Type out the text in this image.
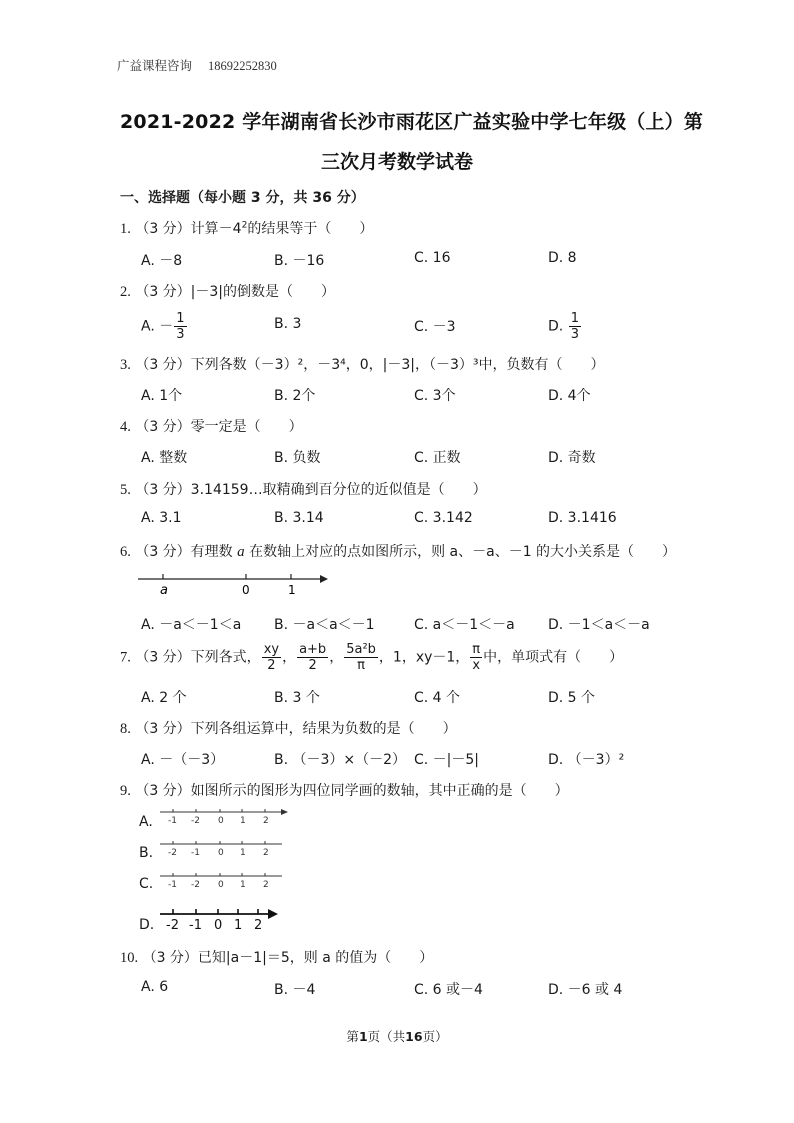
广益课程咨询 18692252830
2021-2022 学年湖南省长沙市雨花区广益实验中学七年级（上）第
三次月考数学试卷
一、选择题（每小题 3 分，共 36 分）
1. （3 分）计算$-4^2$的结果等于（　　）
A. －8	B. －16	C. 16	D. 8
2. （3 分）|－3|的倒数是（　　）
A. － $\frac{1}{3}$	B. 3	C. －3	D. $\frac{1}{3}$
3. （3 分）下列各数（－3）²，－3⁴，0，|－3|，（－3）³中，负数有（　　）
A. 1个	B. 2个	C. 3个	D. 4个
4. （3 分）零一定是（　　）
A. 整数	B. 负数	C. 正数	D. 奇数
5. （3 分）3.14159…取精确到百分位的近似值是（　　）
A. 3.1	B. 3.14	C. 3.142	D. 3.1416
6. （3 分）有理数 a 在数轴上对应的点如图所示，则 a、－a、－1 的大小关系是（　　）
a	0	1
A. －a＜－1＜a B. －a＜a＜－1	C. a＜－1＜－a D. －1＜a＜－a
7. （3 分）下列各式， $\frac{xy}{2}$ ， $\frac{a+b}{2}$ ， $\frac{\text{5a²b}}{\pi}$ ，1，xy－1， $\frac{\pi}{x}$ 中，单项式有（　　）
A. 2 个	B. 3 个	C. 4 个	D. 5 个
8. （3 分）下列各组运算中，结果为负数的是（　　）
A. －（－3）	B. （－3）×（－2） C. －|－5|	D. （－3）²
9. （3 分）如图所示的图形为四位同学画的数轴，其中正确的是（　　）
A. -1 -2 0 1 2
B. -2 -1 0 1 2
C. -1 -2 0 1 2
D. -2 -1 0 1 2
10. （3 分）已知|a－1|＝5，则 a 的值为（　　）
A. 6	B. －4	C. 6 或－4	D. －6 或 4
第1页（共16页）
